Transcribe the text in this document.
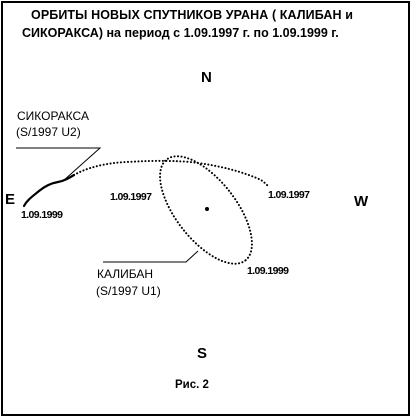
ОРБИТЫ НОВЫХ СПУТНИКОВ УРАНА ( КАЛИБАН и
СИКОРАКСА) на период с 1.09.1997 г. по 1.09.1999 г.
N
E	W
S
1.09.1999
1.09.1997	1.09.1997
1.09.1999
СИКОРАКСА
(S/1997 U2)
КАЛИБАН
(S/1997 U1)
Рис. 2
